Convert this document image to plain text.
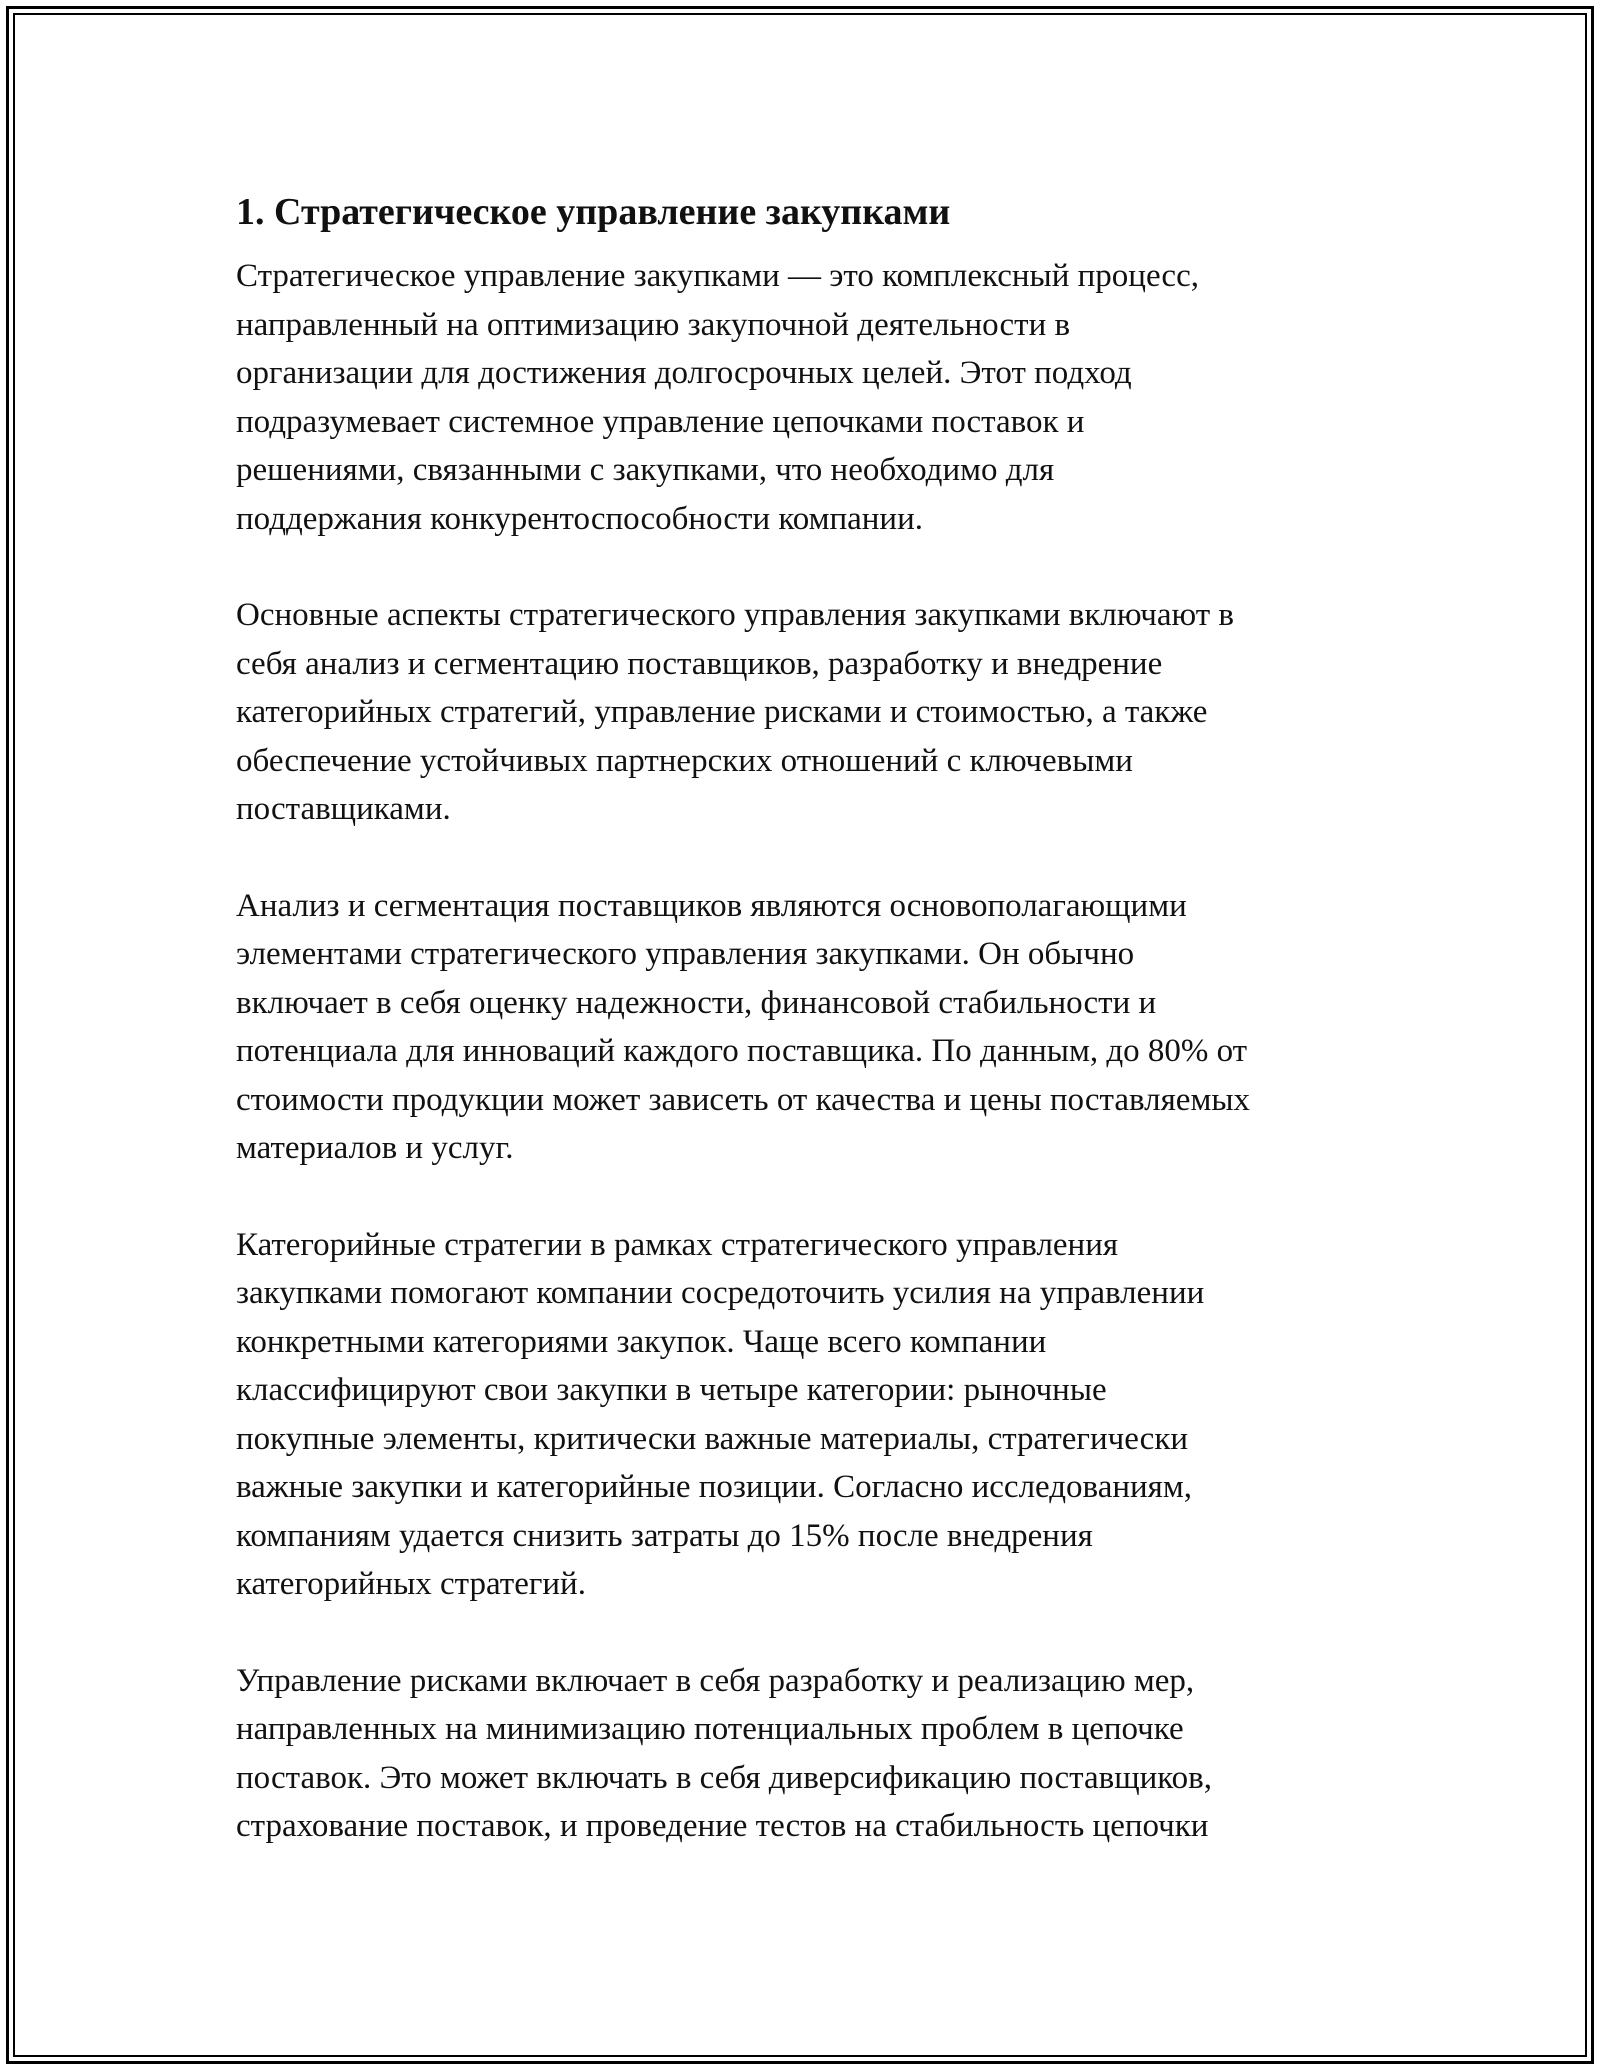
1. Стратегическое управление закупками

Стратегическое управление закупками — это комплексный процесс,
направленный на оптимизацию закупочной деятельности в
организации для достижения долгосрочных целей. Этот подход
подразумевает системное управление цепочками поставок и
решениями, связанными с закупками, что необходимо для
поддержания конкурентоспособности компании.

Основные аспекты стратегического управления закупками включают в
себя анализ и сегментацию поставщиков, разработку и внедрение
категорийных стратегий, управление рисками и стоимостью, а также
обеспечение устойчивых партнерских отношений с ключевыми
поставщиками.

Анализ и сегментация поставщиков являются основополагающими
элементами стратегического управления закупками. Он обычно
включает в себя оценку надежности, финансовой стабильности и
потенциала для инноваций каждого поставщика. По данным, до 80% от
стоимости продукции может зависеть от качества и цены поставляемых
материалов и услуг.

Категорийные стратегии в рамках стратегического управления
закупками помогают компании сосредоточить усилия на управлении
конкретными категориями закупок. Чаще всего компании
классифицируют свои закупки в четыре категории: рыночные
покупные элементы, критически важные материалы, стратегически
важные закупки и категорийные позиции. Согласно исследованиям,
компаниям удается снизить затраты до 15% после внедрения
категорийных стратегий.

Управление рисками включает в себя разработку и реализацию мер,
направленных на минимизацию потенциальных проблем в цепочке
поставок. Это может включать в себя диверсификацию поставщиков,
страхование поставок, и проведение тестов на стабильность цепочки
